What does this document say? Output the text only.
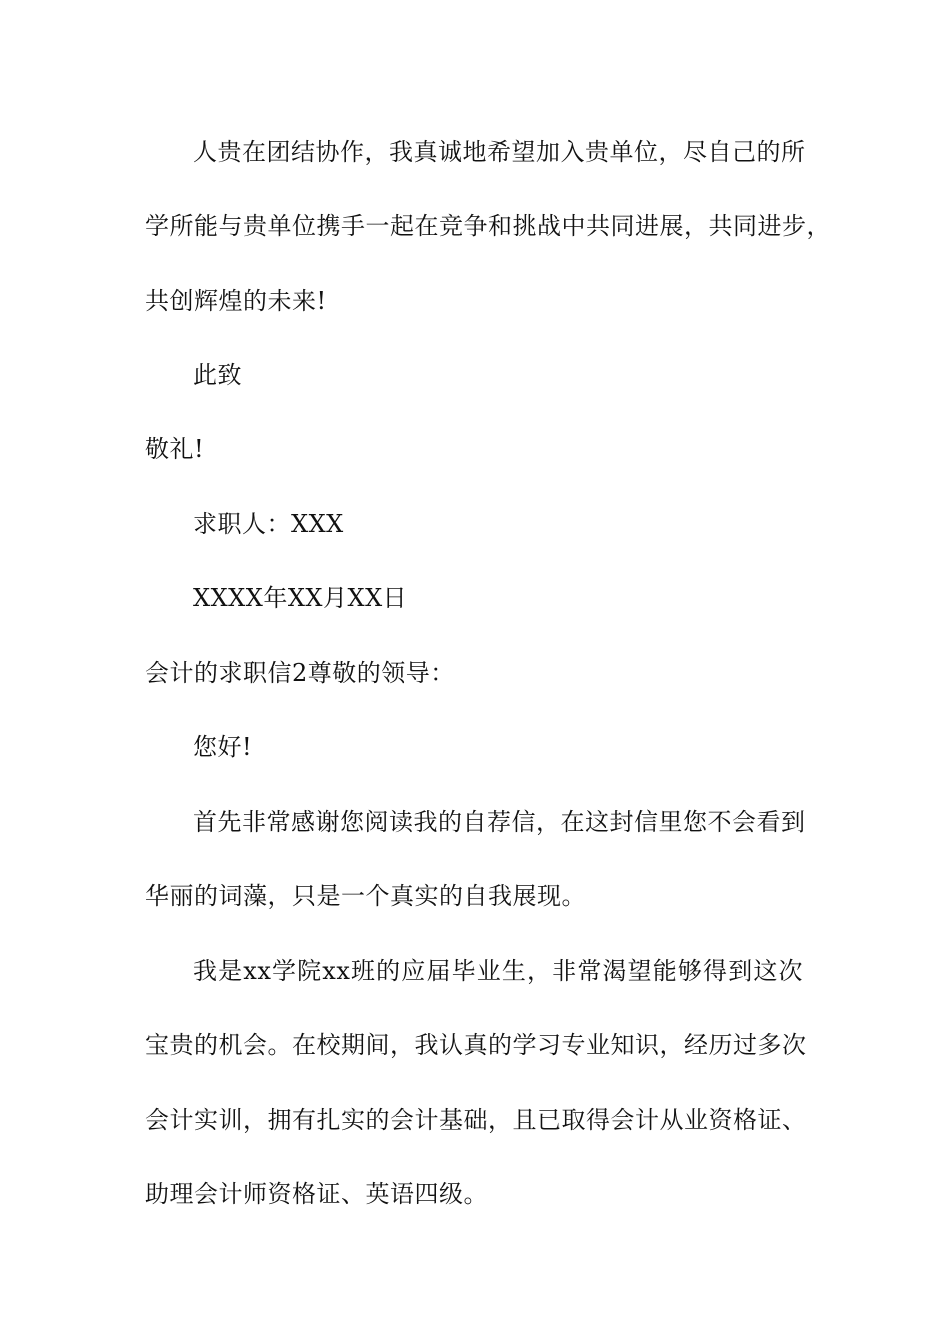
人贵在团结协作，我真诚地希望加入贵单位，尽自己的所

学所能与贵单位携手一起在竞争和挑战中共同进展，共同进步，

共创辉煌的未来!

此致

敬礼!

求职人：XXX

XXXX年XX月XX日

会计的求职信2尊敬的领导：

您好!

首先非常感谢您阅读我的自荐信，在这封信里您不会看到

华丽的词藻，只是一个真实的自我展现。

我是xx学院xx班的应届毕业生，非常渴望能够得到这次

宝贵的机会。在校期间，我认真的学习专业知识，经历过多次

会计实训，拥有扎实的会计基础，且已取得会计从业资格证、

助理会计师资格证、英语四级。
